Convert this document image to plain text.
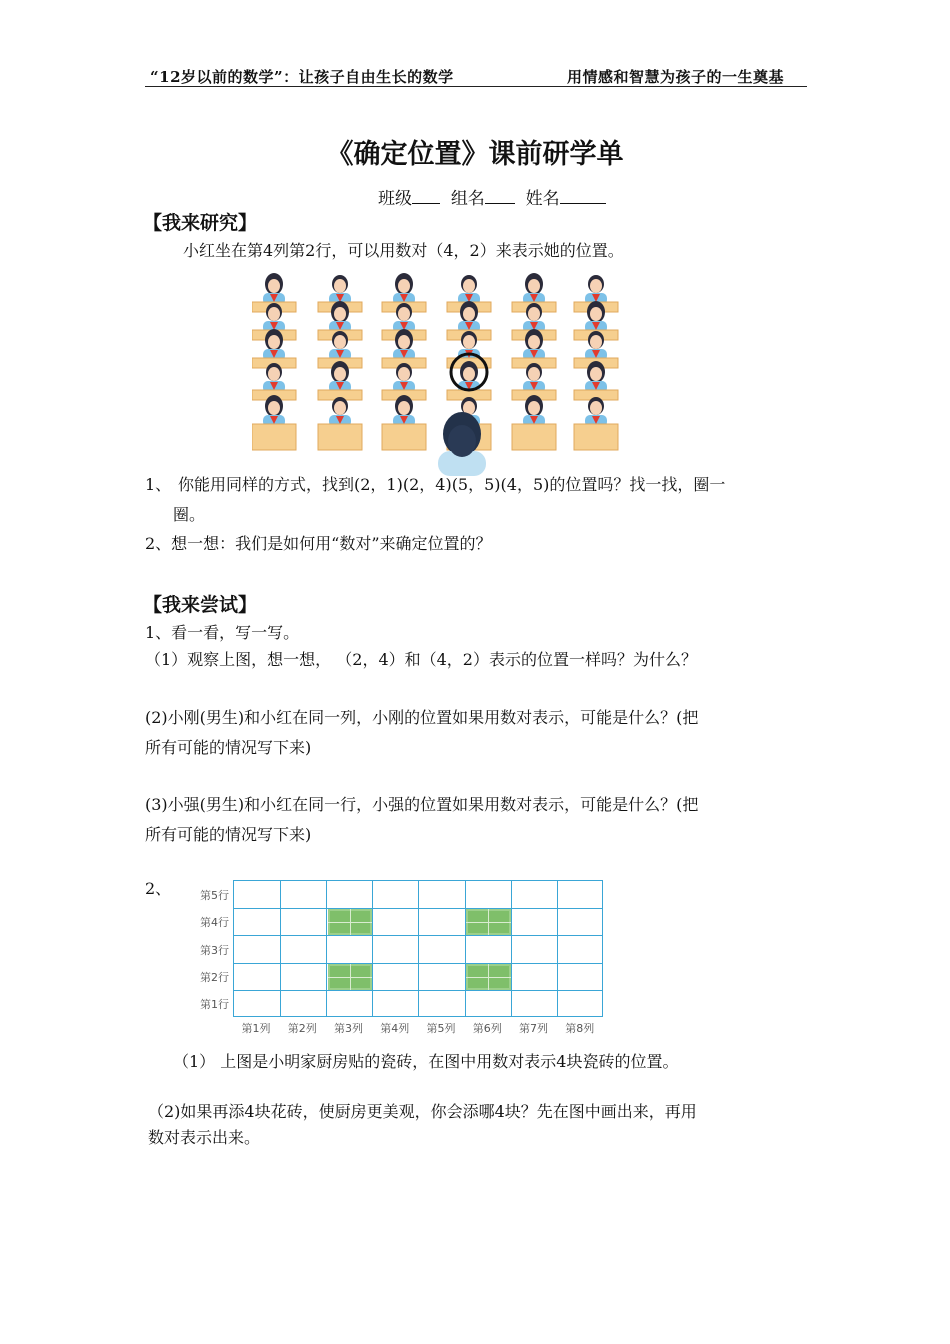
“12岁以前的数学”：让孩子自由生长的数学	用情感和智慧为孩子的一生奠基
《确定位置》课前研学单
班级 组名 姓名
【我来研究】
小红坐在第4列第2行，可以用数对（4，2）来表示她的位置。
1、 你能用同样的方式，找到(2，1)(2，4)(5，5)(4，5)的位置吗？找一找，圈一
圈。
2、想一想：我们是如何用“数对”来确定位置的？
【我来尝试】
1、看一看，写一写。
（1）观察上图，想一想， （2，4）和（4，2）表示的位置一样吗？为什么？
(2)小刚(男生)和小红在同一列，小刚的位置如果用数对表示，可能是什么？(把
所有可能的情况写下来)
(3)小强(男生)和小红在同一行，小强的位置如果用数对表示，可能是什么？(把
所有可能的情况写下来)
2、	第5行
第4行
第3行
第2行
第1行
第1列	第2列	第3列	第4列	第5列	第6列	第7列	第8列
（1） 上图是小明家厨房贴的瓷砖，在图中用数对表示4块瓷砖的位置。
（2)如果再添4块花砖，使厨房更美观，你会添哪4块？先在图中画出来，再用
数对表示出来。
